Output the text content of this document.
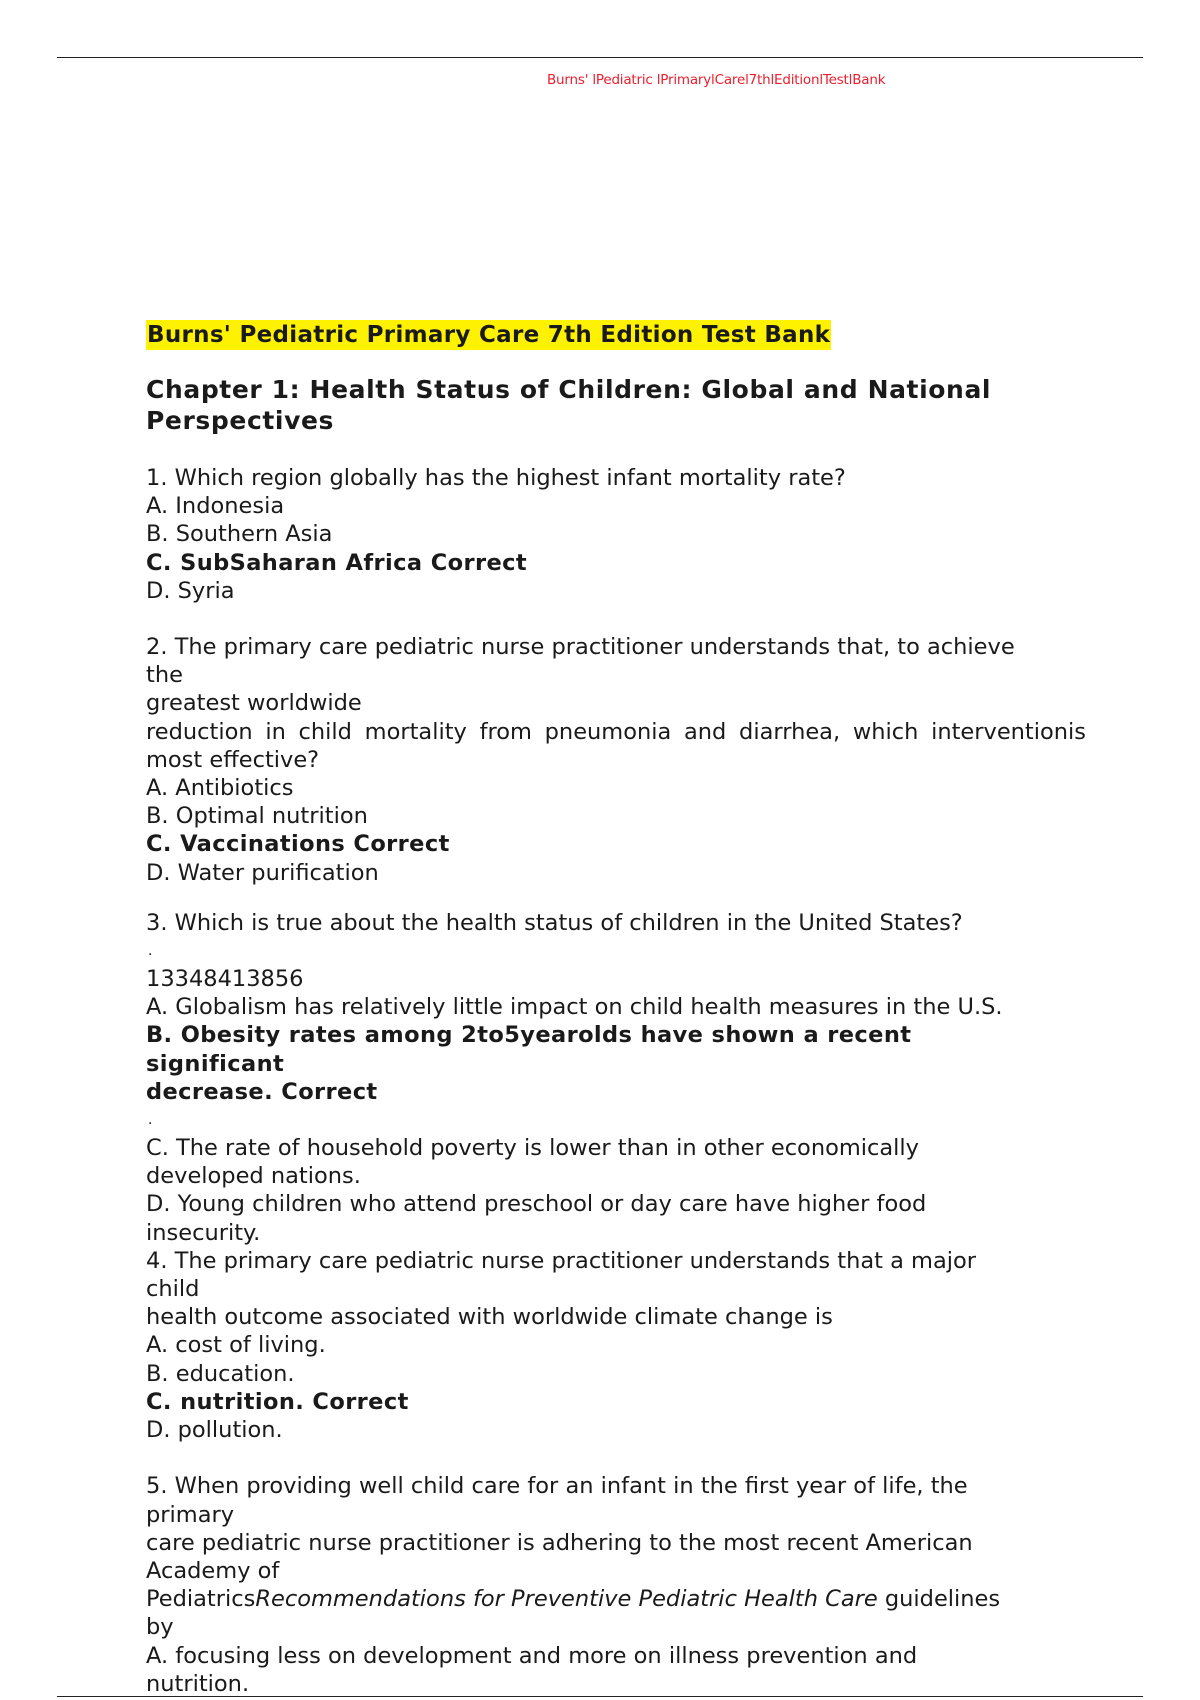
Burns' lPediatric lPrimarylCarel7thlEditionlTestlBank
Burns' Pediatric Primary Care 7th Edition Test Bank
Chapter 1: Health Status of Children: Global and National
Perspectives
1. Which region globally has the highest infant mortality rate?
A. Indonesia
B. Southern Asia
C. SubSaharan Africa Correct
D. Syria
2. The primary care pediatric nurse practitioner understands that, to achieve
the
greatest worldwide
reduction in child mortality from pneumonia and diarrhea, which interventionis
most effective?
A. Antibiotics
B. Optimal nutrition
C. Vaccinations Correct
D. Water purification
3. Which is true about the health status of children in the United States?
.
13348413856
A. Globalism has relatively little impact on child health measures in the U.S.
B. Obesity rates among 2to5yearolds have shown a recent
significant
decrease. Correct
.
C. The rate of household poverty is lower than in other economically
developed nations.
D. Young children who attend preschool or day care have higher food
insecurity.
4. The primary care pediatric nurse practitioner understands that a major
child
health outcome associated with worldwide climate change is
A. cost of living.
B. education.
C. nutrition. Correct
D. pollution.
5. When providing well child care for an infant in the first year of life, the
primary
care pediatric nurse practitioner is adhering to the most recent American
Academy of
PediatricsRecommendations for Preventive Pediatric Health Care guidelines
by
A. focusing less on development and more on illness prevention and
nutrition.
